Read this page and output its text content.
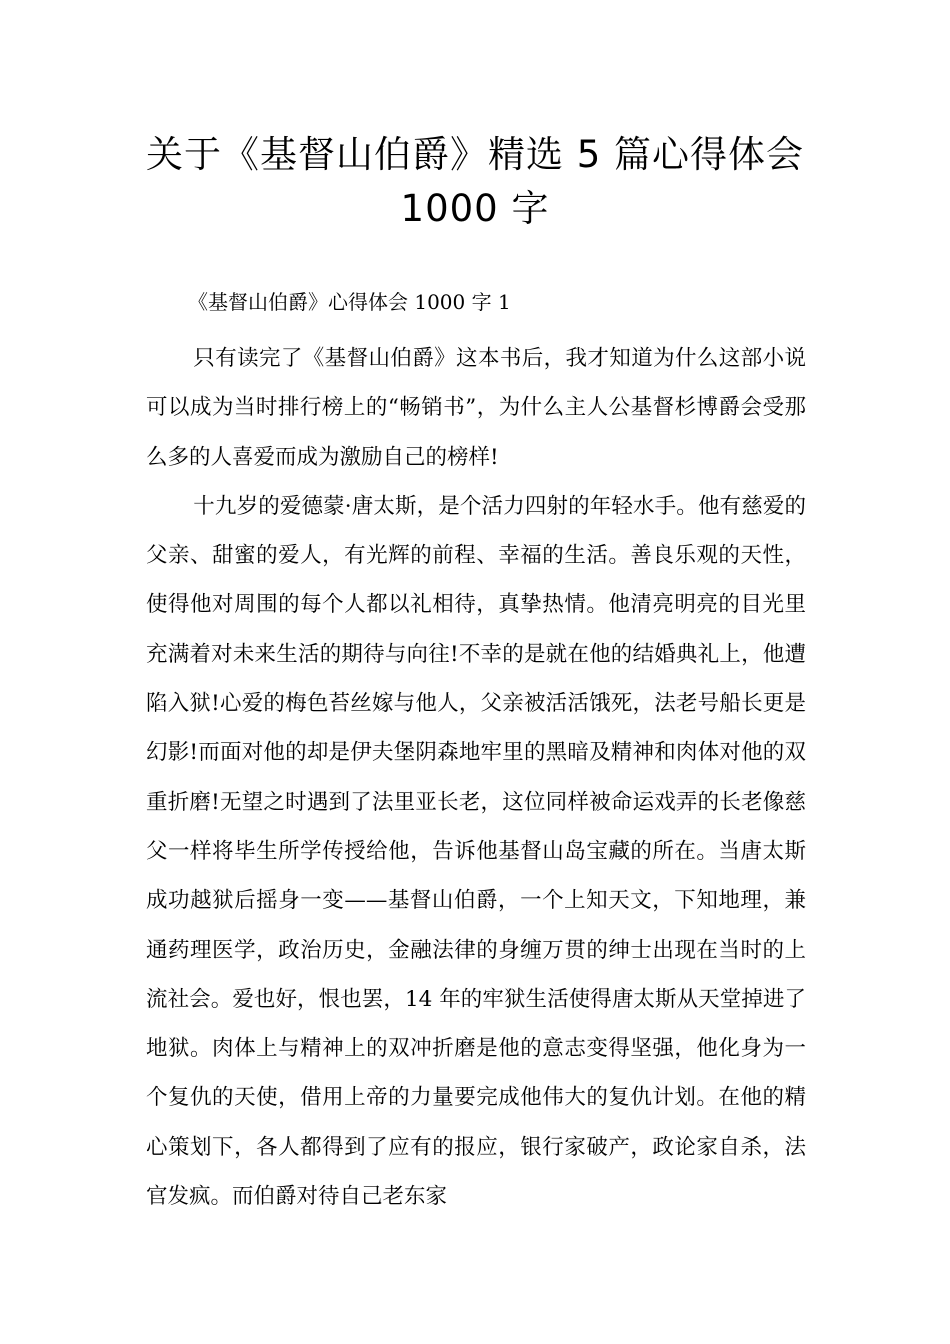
关于《基督山伯爵》精选 5 篇心得体会
1000 字

《基督山伯爵》心得体会 1000 字 1

只有读完了《基督山伯爵》这本书后，我才知道为什么这部小说可以成为当时排行榜上的“畅销书”，为什么主人公基督杉博爵会受那么多的人喜爱而成为激励自己的榜样!

十九岁的爱德蒙·唐太斯，是个活力四射的年轻水手。他有慈爱的父亲、甜蜜的爱人，有光辉的前程、幸福的生活。善良乐观的天性，使得他对周围的每个人都以礼相待，真挚热情。他清亮明亮的目光里充满着对未来生活的期待与向往!不幸的是就在他的结婚典礼上，他遭陷入狱!心爱的梅色苔丝嫁与他人，父亲被活活饿死，法老号船长更是幻影!而面对他的却是伊夫堡阴森地牢里的黑暗及精神和肉体对他的双重折磨!无望之时遇到了法里亚长老，这位同样被命运戏弄的长老像慈父一样将毕生所学传授给他，告诉他基督山岛宝藏的所在。当唐太斯成功越狱后摇身一变——基督山伯爵，一个上知天文，下知地理，兼通药理医学，政治历史，金融法律的身缠万贯的绅士出现在当时的上流社会。爱也好，恨也罢，14 年的牢狱生活使得唐太斯从天堂掉进了地狱。肉体上与精神上的双冲折磨是他的意志变得坚强，他化身为一个复仇的天使，借用上帝的力量要完成他伟大的复仇计划。在他的精心策划下，各人都得到了应有的报应，银行家破产，政论家自杀，法官发疯。而伯爵对待自己老东家
